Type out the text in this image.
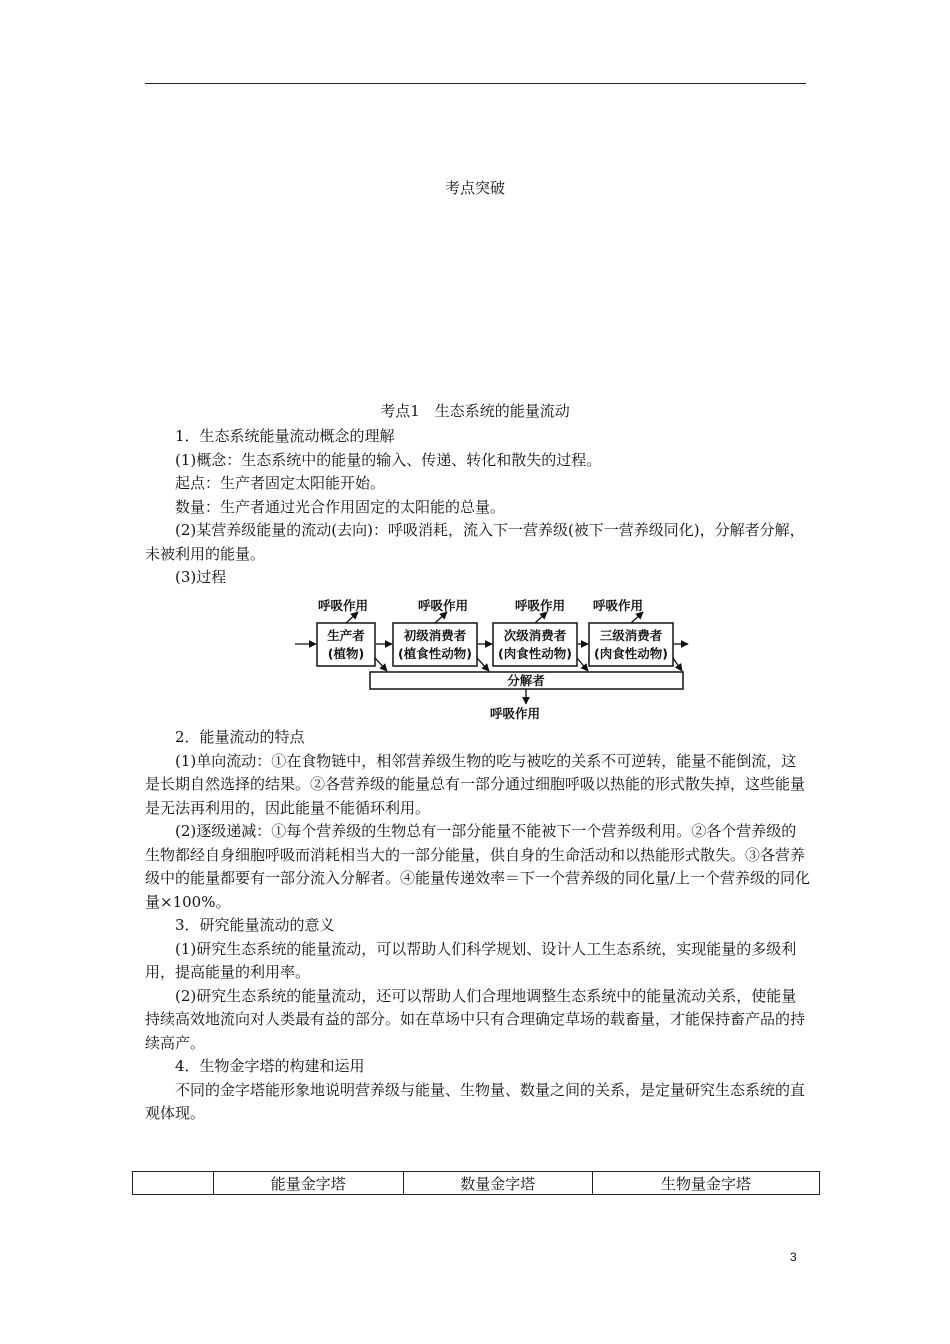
考点突破
考点1　生态系统的能量流动

1．生态系统能量流动概念的理解

(1)概念：生态系统中的能量的输入、传递、转化和散失的过程。

起点：生产者固定太阳能开始。

数量：生产者通过光合作用固定的太阳能的总量。

(2)某营养级能量的流动(去向)：呼吸消耗，流入下一营养级(被下一营养级同化)，分解者分解，未被利用的能量。

(3)过程

呼吸作用	呼吸作用	呼吸作用 呼吸作用
生产者
(植物)
初级消费者
(植食性动物)
次级消费者
(肉食性动物)
三级消费者
(肉食性动物)
分解者
呼吸作用

2．能量流动的特点

(1)单向流动：①在食物链中，相邻营养级生物的吃与被吃的关系不可逆转，能量不能倒流，这是长期自然选择的结果。②各营养级的能量总有一部分通过细胞呼吸以热能的形式散失掉，这些能量是无法再利用的，因此能量不能循环利用。

(2)逐级递减：①每个营养级的生物总有一部分能量不能被下一个营养级利用。②各个营养级的生物都经自身细胞呼吸而消耗相当大的一部分能量，供自身的生命活动和以热能形式散失。③各营养级中的能量都要有一部分流入分解者。④能量传递效率＝下一个营养级的同化量/上一个营养级的同化量×100%。

3．研究能量流动的意义

(1)研究生态系统的能量流动，可以帮助人们科学规划、设计人工生态系统，实现能量的多级利用，提高能量的利用率。

(2)研究生态系统的能量流动，还可以帮助人们合理地调整生态系统中的能量流动关系，使能量持续高效地流向对人类最有益的部分。如在草场中只有合理确定草场的载畜量，才能保持畜产品的持续高产。

4．生物金字塔的构建和运用

不同的金字塔能形象地说明营养级与能量、生物量、数量之间的关系，是定量研究生态系统的直观体现。

	能量金字塔	数量金字塔	生物量金字塔
3
